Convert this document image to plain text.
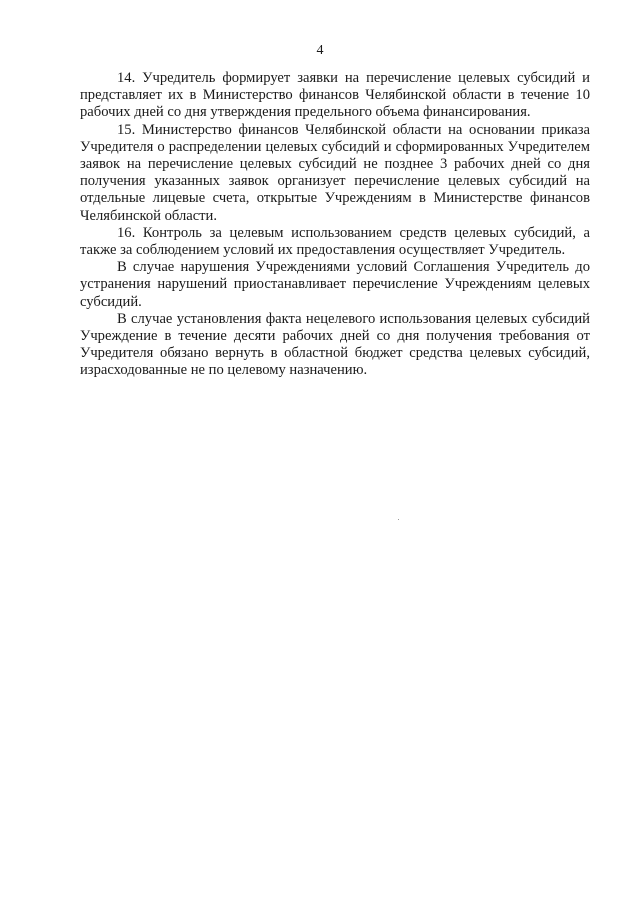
4

14. Учредитель формирует заявки на перечисление целевых субсидий и представляет их в Министерство финансов Челябинской области в течение 10 рабочих дней со дня утверждения предельного объема финансирования.

15. Министерство финансов Челябинской области на основании приказа Учредителя о распределении целевых субсидий и сформированных Учредителем заявок на перечисление целевых субсидий не позднее 3 рабочих дней со дня получения указанных заявок организует перечисление целевых субсидий на отдельные лицевые счета, открытые Учреждениям в Министерстве финансов Челябинской области.

16. Контроль за целевым использованием средств целевых субсидий, а также за соблюдением условий их предоставления осуществляет Учредитель.

В случае нарушения Учреждениями условий Соглашения Учредитель до устранения нарушений приостанавливает перечисление Учреждениям целевых субсидий.

В случае установления факта нецелевого использования целевых субсидий Учреждение в течение десяти рабочих дней со дня получения требования от Учредителя обязано вернуть в областной бюджет средства целевых субсидий, израсходованные не по целевому назначению.
